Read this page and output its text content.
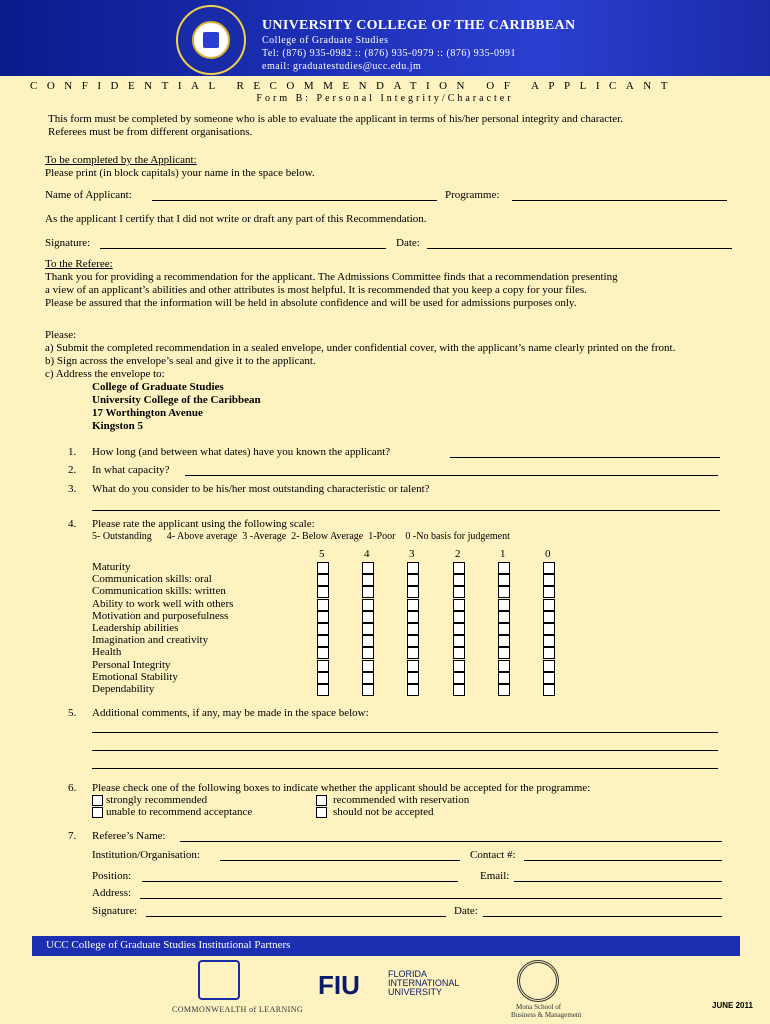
UNIVERSITY COLLEGE OF THE CARIBBEAN
College of Graduate Studies
Tel: (876) 935-0982 :: (876) 935-0979 :: (876) 935-0991
email: graduatestudies@ucc.edu.jm
CONFIDENTIAL RECOMMENDATION OF APPLICANT
Form B: Personal Integrity/Character
This form must be completed by someone who is able to evaluate the applicant in terms of his/her personal integrity and character.
Referees must be from different organisations.
To be completed by the Applicant:
Please print (in block capitals) your name in the space below.
Name of Applicant:	Programme:
As the applicant I certify that I did not write or draft any part of this Recommendation.
Signature:	Date:
To the Referee:
Thank you for providing a recommendation for the applicant. The Admissions Committee finds that a recommendation presenting
a view of an applicant’s abilities and other attributes is most helpful. It is recommended that you keep a copy for your files.
Please be assured that the information will be held in absolute confidence and will be used for admissions purposes only.
Please:
a) Submit the completed recommendation in a sealed envelope, under confidential cover, with the applicant’s name clearly printed on the front.
b) Sign across the envelope’s seal and give it to the applicant.
c) Address the envelope to:
College of Graduate Studies
University College of the Caribbean
17 Worthington Avenue
Kingston 5
1. How long (and between what dates) have you known the applicant?
2. In what capacity?
3. What do you consider to be his/her most outstanding characteristic or talent?
4. Please rate the applicant using the following scale:
5- Outstanding      4- Above average  3 -Average  2- Below Average  1-Poor    0 -No basis for judgement
5	4	3	2	1	0
Maturity
Communication skills: oral
Communication skills: written
Ability to work well with others
Motivation and purposefulness
Leadership abilities
Imagination and creativity
Health
Personal Integrity
Emotional Stability
Dependability
5. Additional comments, if any, may be made in the space below:
6. Please check one of the following boxes to indicate whether the applicant should be accepted for the programme:
strongly recommended	recommended with reservation
unable to recommend acceptance	should not be accepted
7. Referee’s Name:
Institution/Organisation:	Contact #:
Position:	Email:
Address:
Signature:	Date:
UCC College of Graduate Studies Institutional Partners
COMMONWEALTH of LEARNING
FIU	FLORIDA
INTERNATIONAL
UNIVERSITY
Mona School of
Business & Management
JUNE 2011
